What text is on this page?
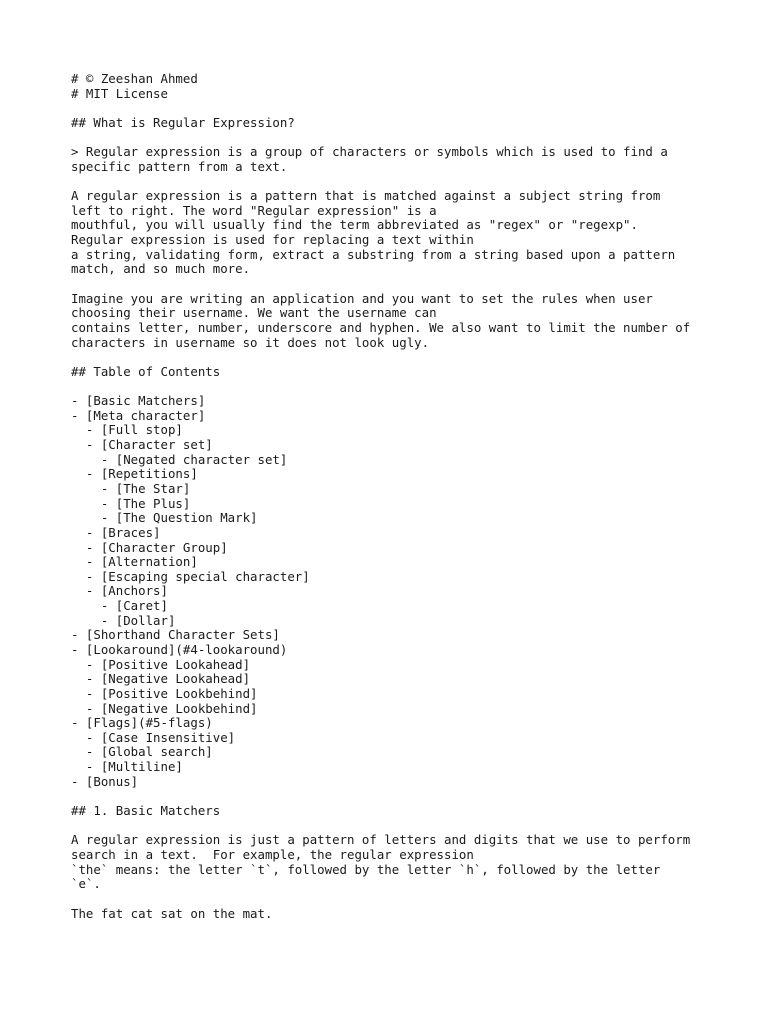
# © Zeeshan Ahmed
# MIT License
## What is Regular Expression?
> Regular expression is a group of characters or symbols which is used to find a
specific pattern from a text.
A regular expression is a pattern that is matched against a subject string from
left to right. The word "Regular expression" is a
mouthful, you will usually find the term abbreviated as "regex" or "regexp".
Regular expression is used for replacing a text within
a string, validating form, extract a substring from a string based upon a pattern
match, and so much more.
Imagine you are writing an application and you want to set the rules when user
choosing their username. We want the username can
contains letter, number, underscore and hyphen. We also want to limit the number of
characters in username so it does not look ugly.
## Table of Contents
- [Basic Matchers]
- [Meta character]
- [Full stop]
- [Character set]
- [Negated character set]
- [Repetitions]
- [The Star]
- [The Plus]
- [The Question Mark]
- [Braces]
- [Character Group]
- [Alternation]
- [Escaping special character]
- [Anchors]
- [Caret]
- [Dollar]
- [Shorthand Character Sets]
- [Lookaround](#4-lookaround)
- [Positive Lookahead]
- [Negative Lookahead]
- [Positive Lookbehind]
- [Negative Lookbehind]
- [Flags](#5-flags)
- [Case Insensitive]
- [Global search]
- [Multiline]
- [Bonus]
## 1. Basic Matchers
A regular expression is just a pattern of letters and digits that we use to perform
search in a text.  For example, the regular expression
`the` means: the letter `t`, followed by the letter `h`, followed by the letter
`e`.
The fat cat sat on the mat.
